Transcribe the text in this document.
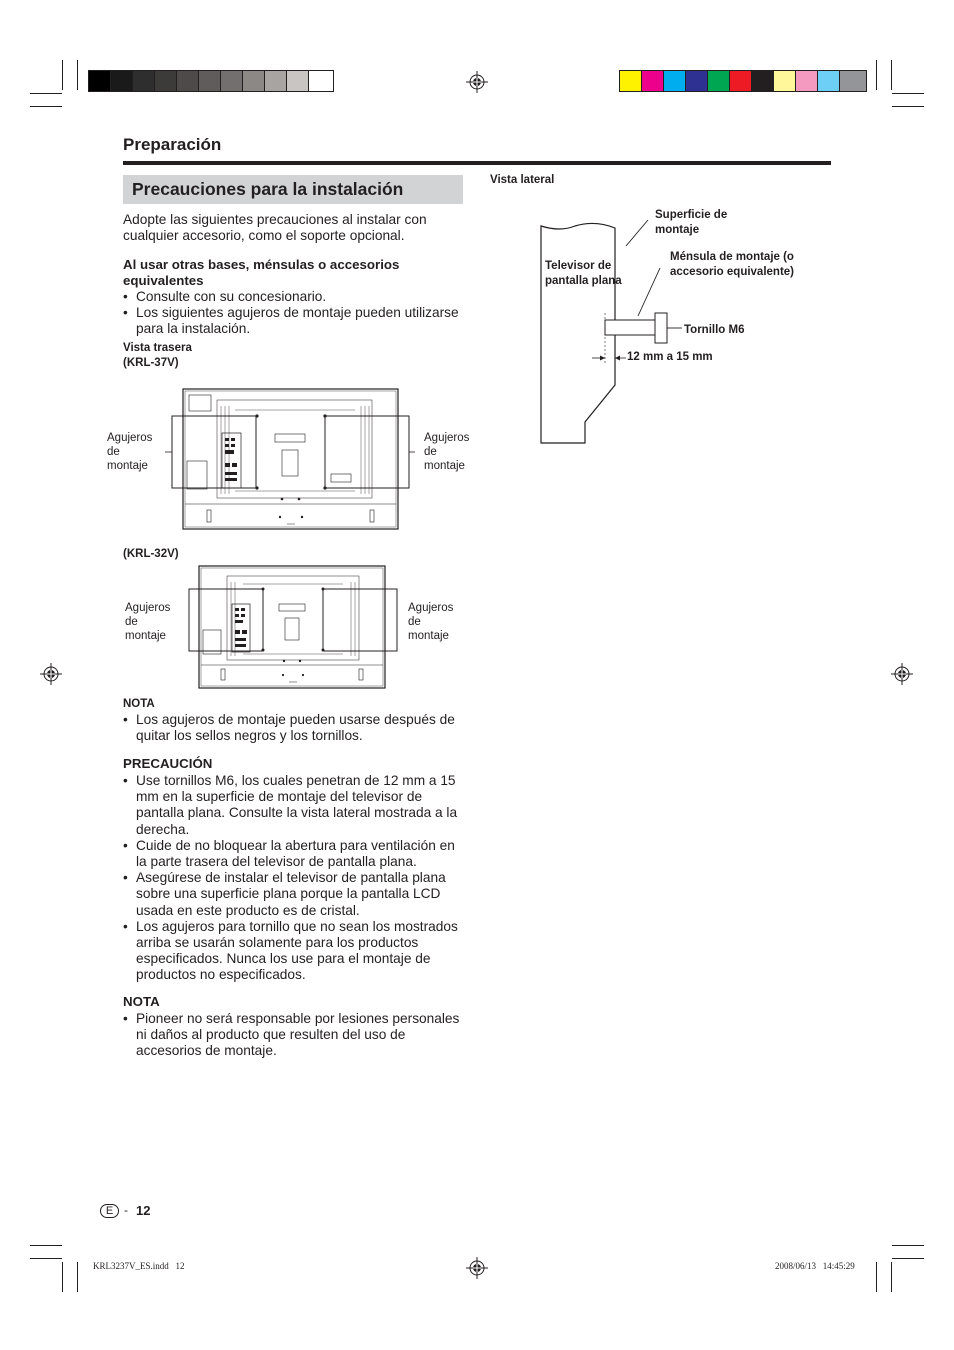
Preparación
Precauciones para la instalación
Adopte las siguientes precauciones al instalar con cualquier accesorio, como el soporte opcional.
Al usar otras bases, ménsulas o accesorios equivalentes
• Consulte con su concesionario.
• Los siguientes agujeros de montaje pueden utilizarse para la instalación.
Vista trasera
(KRL-37V)
Agujeros de montaje
Agujeros de montaje
(KRL-32V)
Agujeros de montaje
Agujeros de montaje
NOTA
• Los agujeros de montaje pueden usarse después de quitar los sellos negros y los tornillos.
PRECAUCIÓN
• Use tornillos M6, los cuales penetran de 12 mm a 15 mm en la superficie de montaje del televisor de pantalla plana. Consulte la vista lateral mostrada a la derecha.
• Cuide de no bloquear la abertura para ventilación en la parte trasera del televisor de pantalla plana.
• Asegúrese de instalar el televisor de pantalla plana sobre una superficie plana porque la pantalla LCD usada en este producto es de cristal.
• Los agujeros para tornillo que no sean los mostrados arriba se usarán solamente para los productos especificados. Nunca los use para el montaje de productos no especificados.
NOTA
• Pioneer no será responsable por lesiones personales ni daños al producto que resulten del uso de accesorios de montaje.
Vista lateral
Superficie de montaje
Televisor de pantalla plana
Ménsula de montaje (o accesorio equivalente)
Tornillo M6
12 mm a 15 mm
E - 12
KRL3237V_ES.indd   12	2008/06/13   14:45:29
